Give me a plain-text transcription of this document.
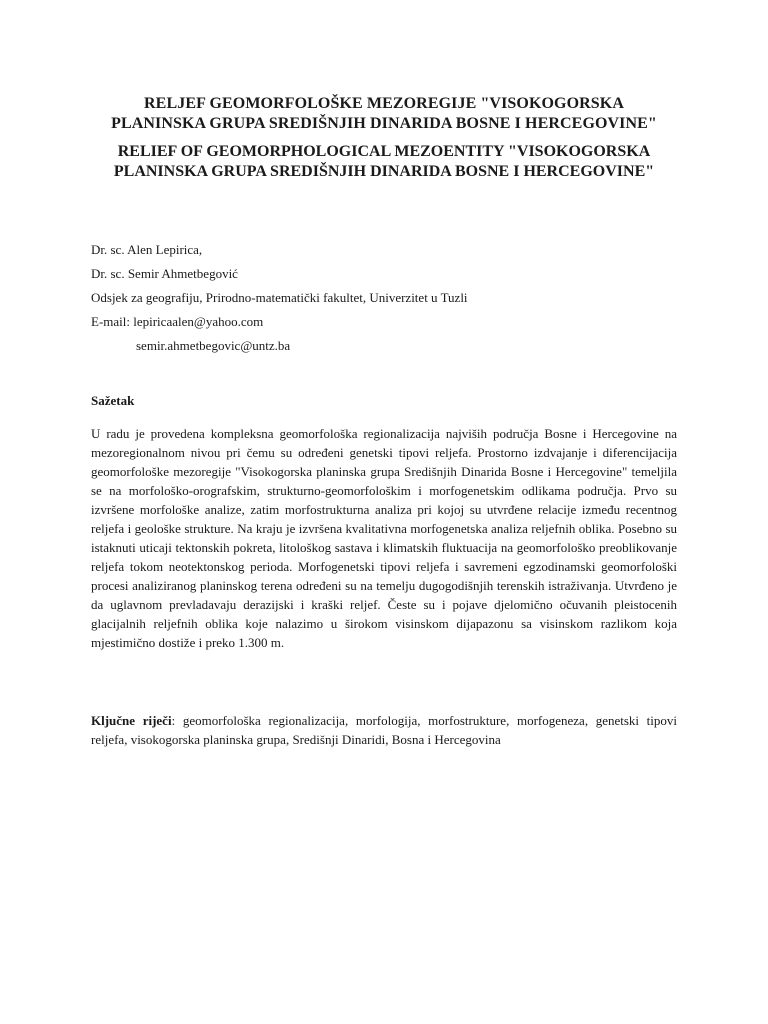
RELJEF GEOMORFOLOŠKE MEZOREGIJE "VISOKOGORSKA PLANINSKA GRUPA SREDIŠNJIH DINARIDA BOSNE I HERCEGOVINE"
RELIEF OF GEOMORPHOLOGICAL MEZOENTITY "VISOKOGORSKA PLANINSKA GRUPA SREDIŠNJIH DINARIDA BOSNE I HERCEGOVINE"
Dr. sc. Alen Lepirica,
Dr. sc. Semir Ahmetbegović
Odsjek za geografiju, Prirodno-matematički fakultet, Univerzitet u Tuzli
E-mail: lepiricaalen@yahoo.com
semir.ahmetbegovic@untz.ba
Sažetak

U radu je provedena kompleksna geomorfološka regionalizacija najviših područja Bosne i Hercegovine na mezoregionalnom nivou pri čemu su određeni genetski tipovi reljefa. Prostorno izdvajanje i diferencijacija geomorfološke mezoregije "Visokogorska planinska grupa Središnjih Dinarida Bosne i Hercegovine" temeljila se na morfološko-orografskim, strukturno-geomorfološkim i morfogenetskim odlikama područja. Prvo su izvršene morfološke analize, zatim morfostrukturna analiza pri kojoj su utvrđene relacije između recentnog reljefa i geološke strukture. Na kraju je izvršena kvalitativna morfogenetska analiza reljefnih oblika. Posebno su istaknuti uticaji tektonskih pokreta, litološkog sastava i klimatskih fluktuacija na geomorfološko preoblikovanje reljefa tokom neotektonskog perioda. Morfogenetski tipovi reljefa i savremeni egzodinamski geomorfološki procesi analiziranog planinskog terena određeni su na temelju dugogodišnjih terenskih istraživanja. Utvrđeno je da uglavnom prevladavaju derazijski i kraški reljef. Česte su i pojave djelomično očuvanih pleistocenih glacijalnih reljefnih oblika koje nalazimo u širokom visinskom dijapazonu sa visinskom razlikom koja mjestimično dostiže i preko 1.300 m.

Ključne riječi: geomorfološka regionalizacija, morfologija, morfostrukture, morfogeneza, genetski tipovi reljefa, visokogorska planinska grupa, Središnji Dinaridi, Bosna i Hercegovina
